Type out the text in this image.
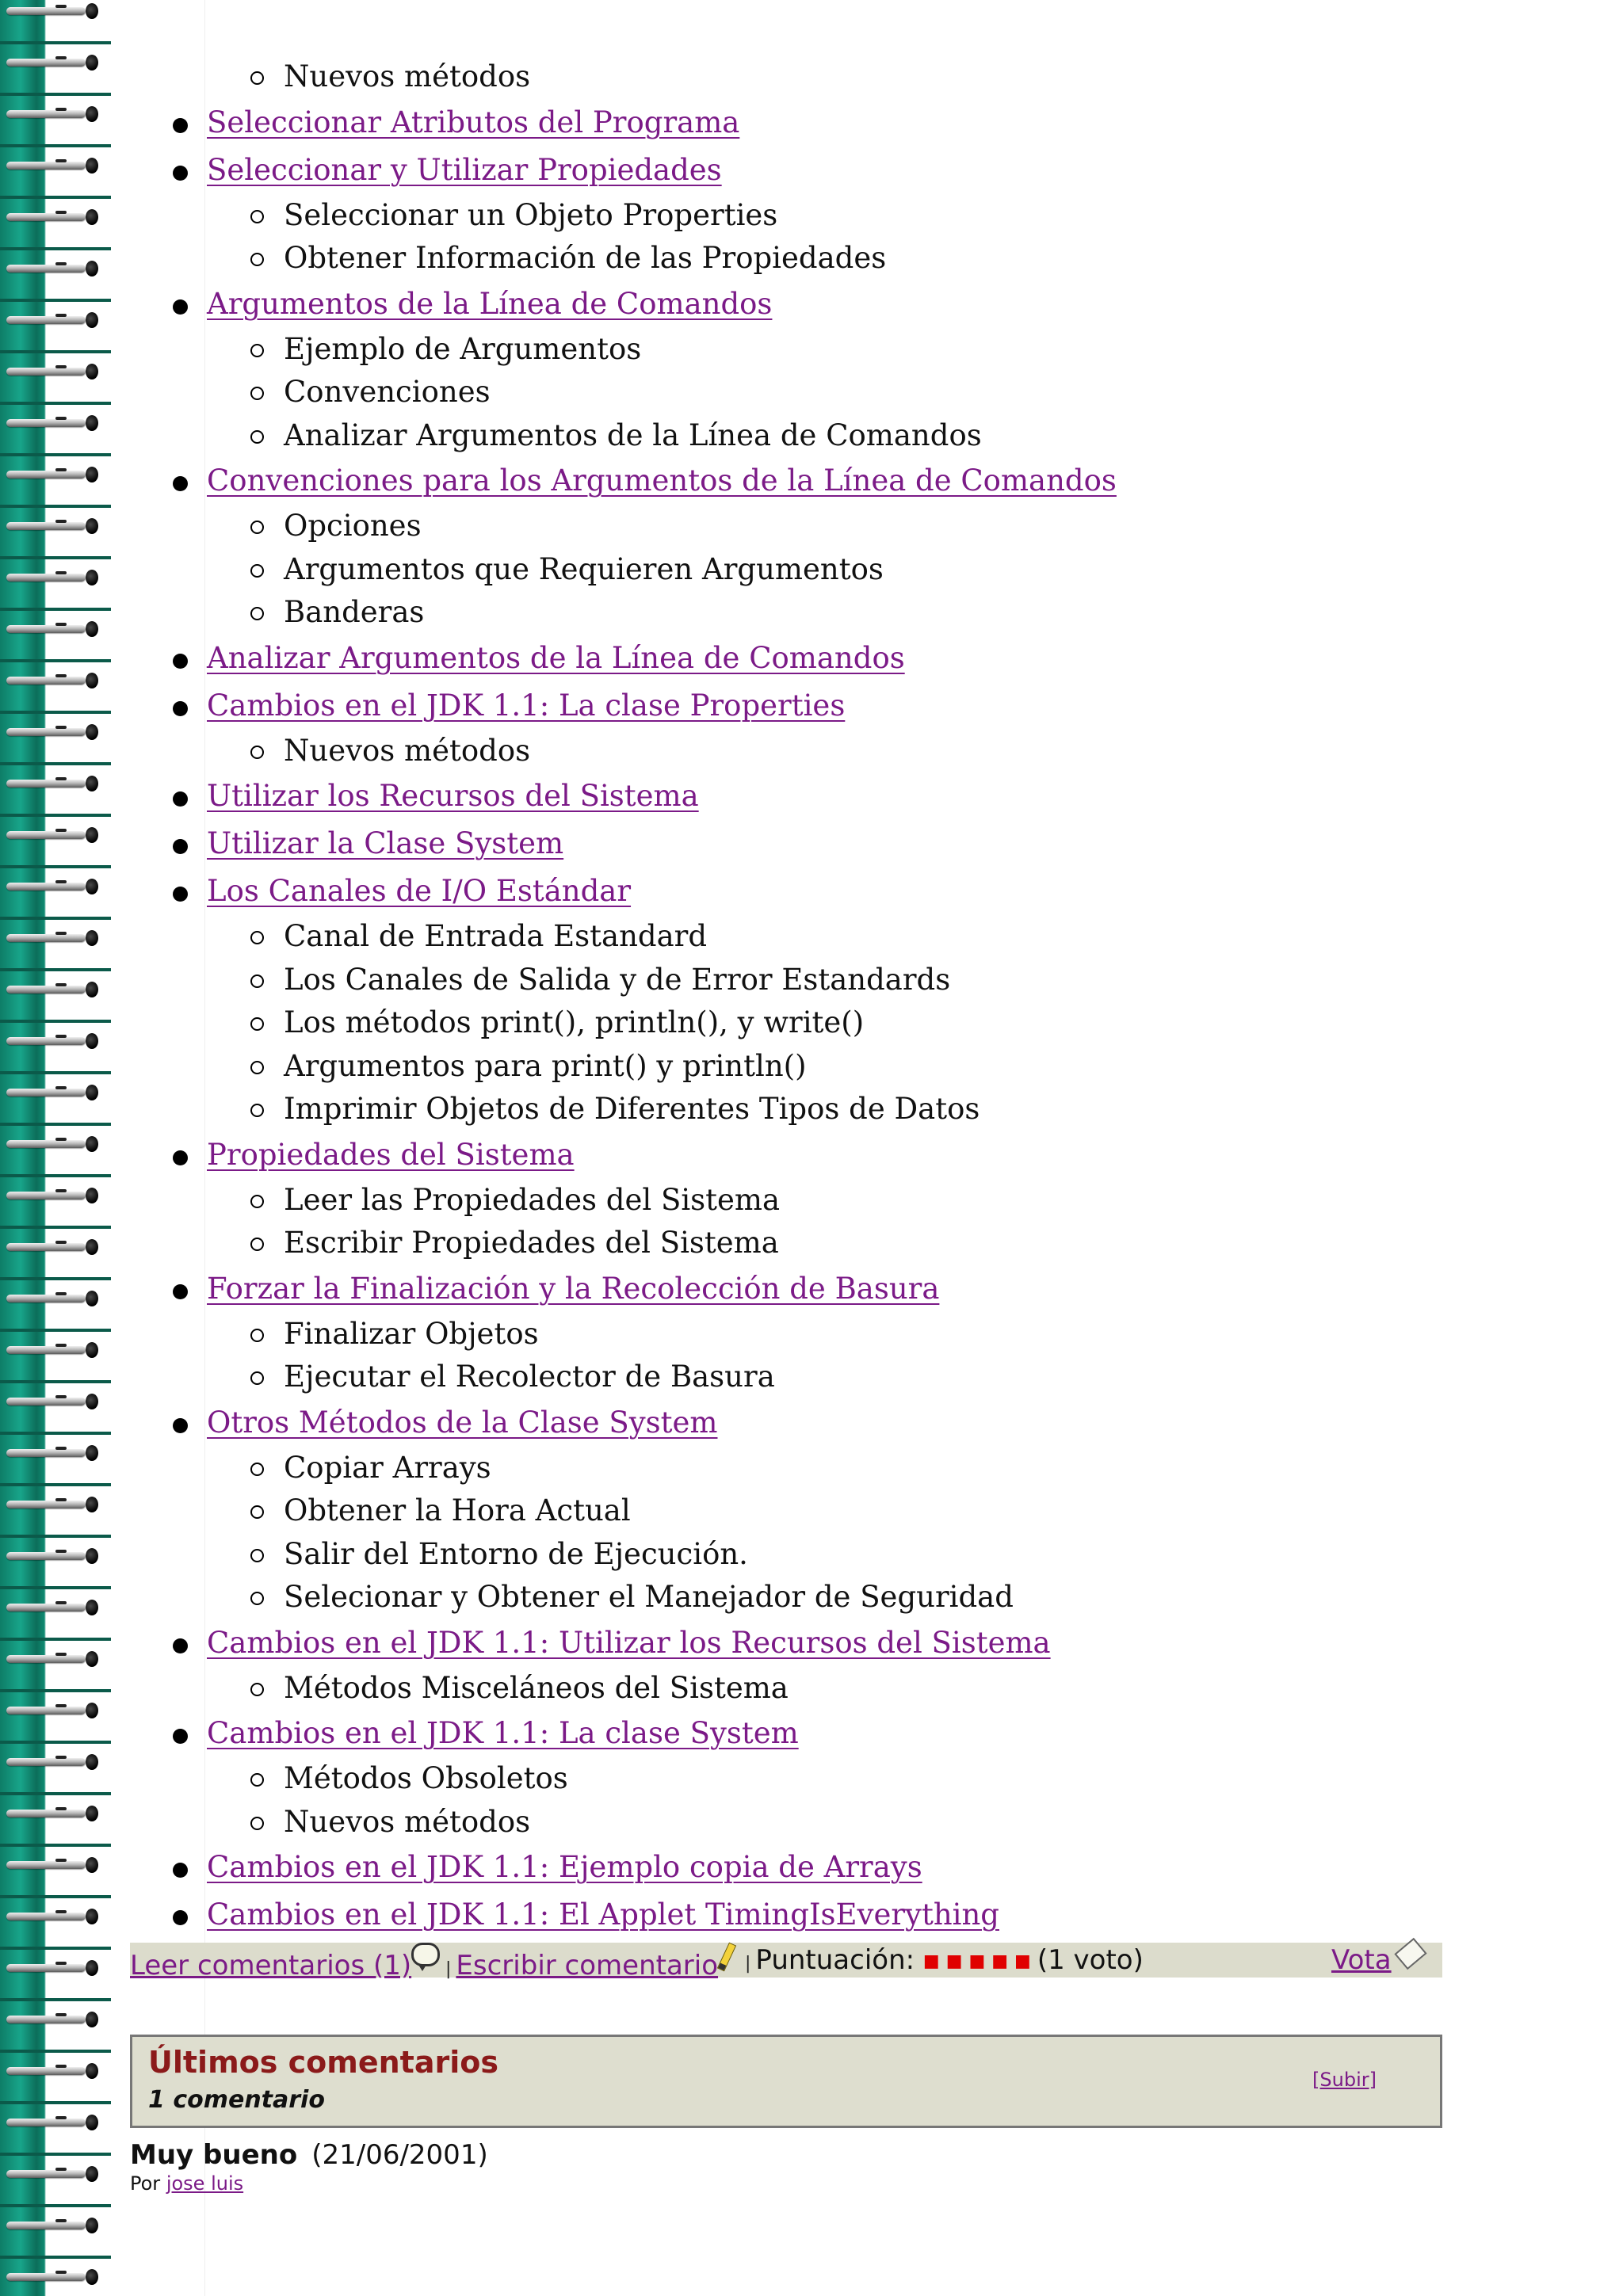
Nuevos métodos
Seleccionar Atributos del Programa
Seleccionar y Utilizar Propiedades
Seleccionar un Objeto Properties
Obtener Información de las Propiedades
Argumentos de la Línea de Comandos
Ejemplo de Argumentos
Convenciones
Analizar Argumentos de la Línea de Comandos
Convenciones para los Argumentos de la Línea de Comandos
Opciones
Argumentos que Requieren Argumentos
Banderas
Analizar Argumentos de la Línea de Comandos
Cambios en el JDK 1.1: La clase Properties
Nuevos métodos
Utilizar los Recursos del Sistema
Utilizar la Clase System
Los Canales de I/O Estándar
Canal de Entrada Estandard
Los Canales de Salida y de Error Estandards
Los métodos print(), println(), y write()
Argumentos para print() y println()
Imprimir Objetos de Diferentes Tipos de Datos
Propiedades del Sistema
Leer las Propiedades del Sistema
Escribir Propiedades del Sistema
Forzar la Finalización y la Recolección de Basura
Finalizar Objetos
Ejecutar el Recolector de Basura
Otros Métodos de la Clase System
Copiar Arrays
Obtener la Hora Actual
Salir del Entorno de Ejecución.
Selecionar y Obtener el Manejador de Seguridad
Cambios en el JDK 1.1: Utilizar los Recursos del Sistema
Métodos Misceláneos del Sistema
Cambios en el JDK 1.1: La clase System
Métodos Obsoletos
Nuevos métodos
Cambios en el JDK 1.1: Ejemplo copia de Arrays
Cambios en el JDK 1.1: El Applet TimingIsEverything
Leer comentarios (1)	| Escribir comentario	| Puntuación: ■■■■■(1 voto)	Vota
Últimos comentarios
1 comentario
[Subir]
Muy bueno (21/06/2001)
Por jose luis
